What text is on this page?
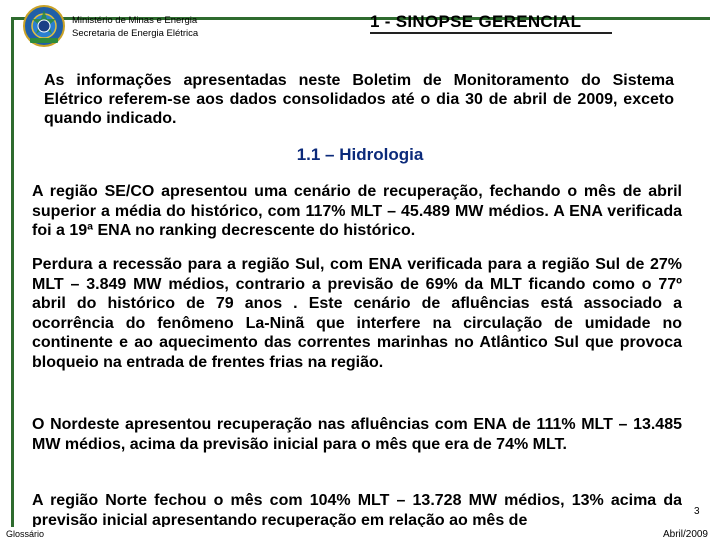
Ministério de Minas e Energia
Secretaria de Energia Elétrica
1 - SINOPSE GERENCIAL
As informações apresentadas neste Boletim de Monitoramento do Sistema Elétrico referem-se aos dados consolidados até o dia 30 de abril de 2009, exceto quando indicado.
1.1 – Hidrologia
A região SE/CO apresentou uma cenário de recuperação, fechando o mês de abril superior a média do histórico, com 117% MLT – 45.489 MW médios. A ENA verificada foi a 19ª ENA no ranking decrescente do histórico.
Perdura a recessão para a região Sul, com ENA verificada para a região Sul de 27% MLT – 3.849 MW médios, contrario a previsão de 69% da MLT ficando como o 77º abril do histórico de 79 anos . Este cenário de afluências está associado a ocorrência do fenômeno La-Ninã que interfere na circulação de umidade no continente e ao aquecimento das correntes marinhas no Atlântico Sul que provoca bloqueio na entrada de frentes frias na região.
O Nordeste apresentou recuperação nas afluências com ENA de 111% MLT – 13.485 MW médios, acima da previsão inicial para o mês que era de 74% MLT.
A região Norte fechou o mês com 104% MLT – 13.728 MW médios, 13% acima da previsão inicial apresentando recuperação em relação ao mês de	3
Glossário	Abril/2009
